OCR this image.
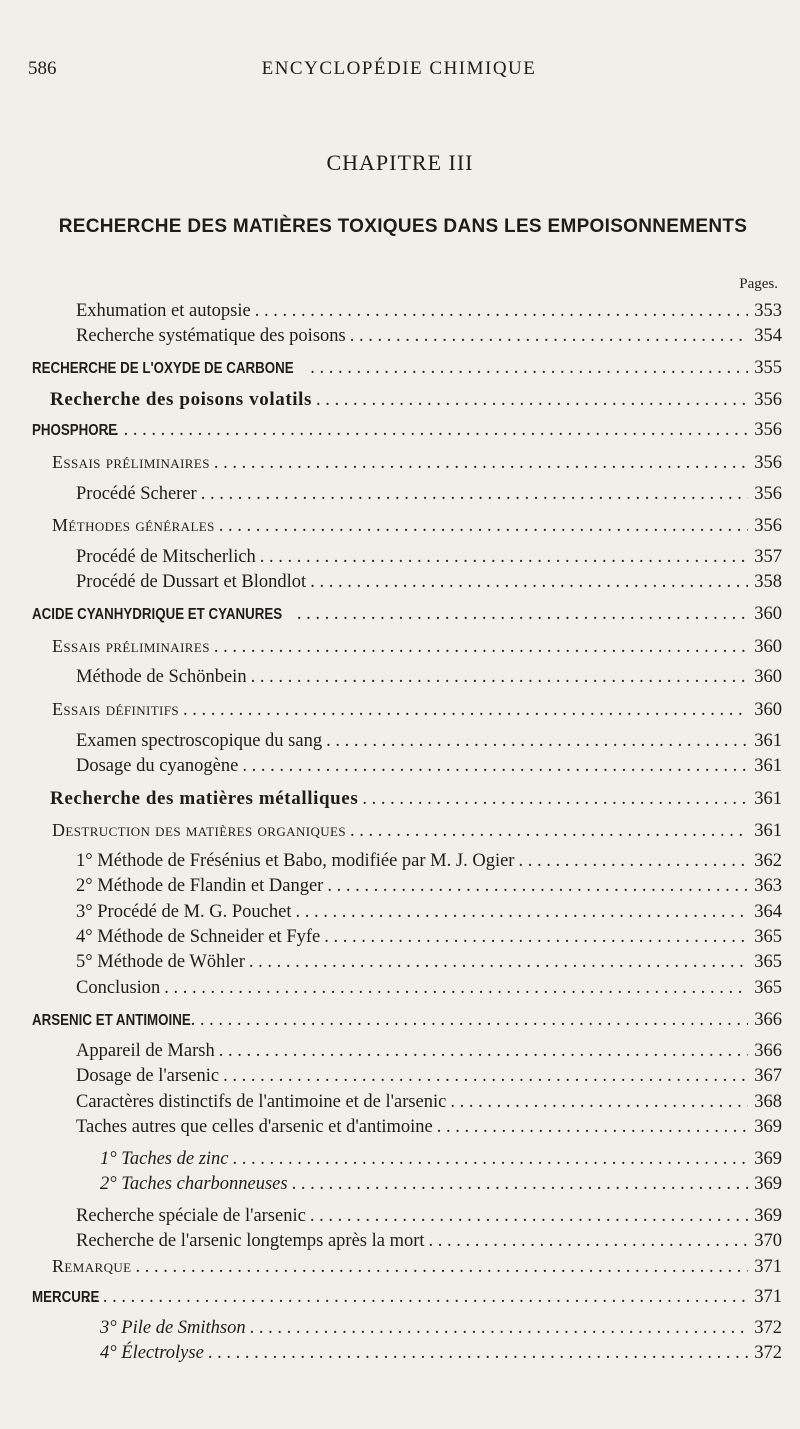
586	ENCYCLOPÉDIE CHIMIQUE
CHAPITRE III
RECHERCHE DES MATIÈRES TOXIQUES DANS LES EMPOISONNEMENTS
Pages.
Exhumation et autopsie . . .	353
Recherche systématique des poisons . . .	354
RECHERCHE DE L'OXYDE DE CARBONE . . .	355
Recherche des poisons volatils . . .	356
PHOSPHORE . . .	356
Essais préliminaires . . .	356
Procédé Scherer . . .	356
Méthodes générales . . .	356
Procédé de Mitscherlich . . .	357
Procédé de Dussart et Blondlot . . .	358
ACIDE CYANHYDRIQUE ET CYANURES . . .	360
Essais préliminaires . . .	360
Méthode de Schönbein . . .	360
Essais définitifs . . .	360
Examen spectroscopique du sang . . .	361
Dosage du cyanogène . . .	361
Recherche des matières métalliques . . .	361
Destruction des matières organiques . . .	361
1° Méthode de Frésénius et Babo, modifiée par M. J. Ogier . . .	362
2° Méthode de Flandin et Danger . . .	363
3° Procédé de M. G. Pouchet . . .	364
4° Méthode de Schneider et Fyfe . . .	365
5° Méthode de Wöhler . . .	365
Conclusion . . .	365
ARSENIC ET ANTIMOINE . . .	366
Appareil de Marsh . . .	366
Dosage de l'arsenic . . .	367
Caractères distinctifs de l'antimoine et de l'arsenic . . .	368
Taches autres que celles d'arsenic et d'antimoine . . .	369
1° Taches de zinc . . .	369
2° Taches charbonneuses . . .	369
Recherche spéciale de l'arsenic . . .	369
Recherche de l'arsenic longtemps après la mort . . .	370
Remarque . . .	371
MERCURE . . .	371
3° Pile de Smithson . . .	372
4° Électrolyse . . .	372
